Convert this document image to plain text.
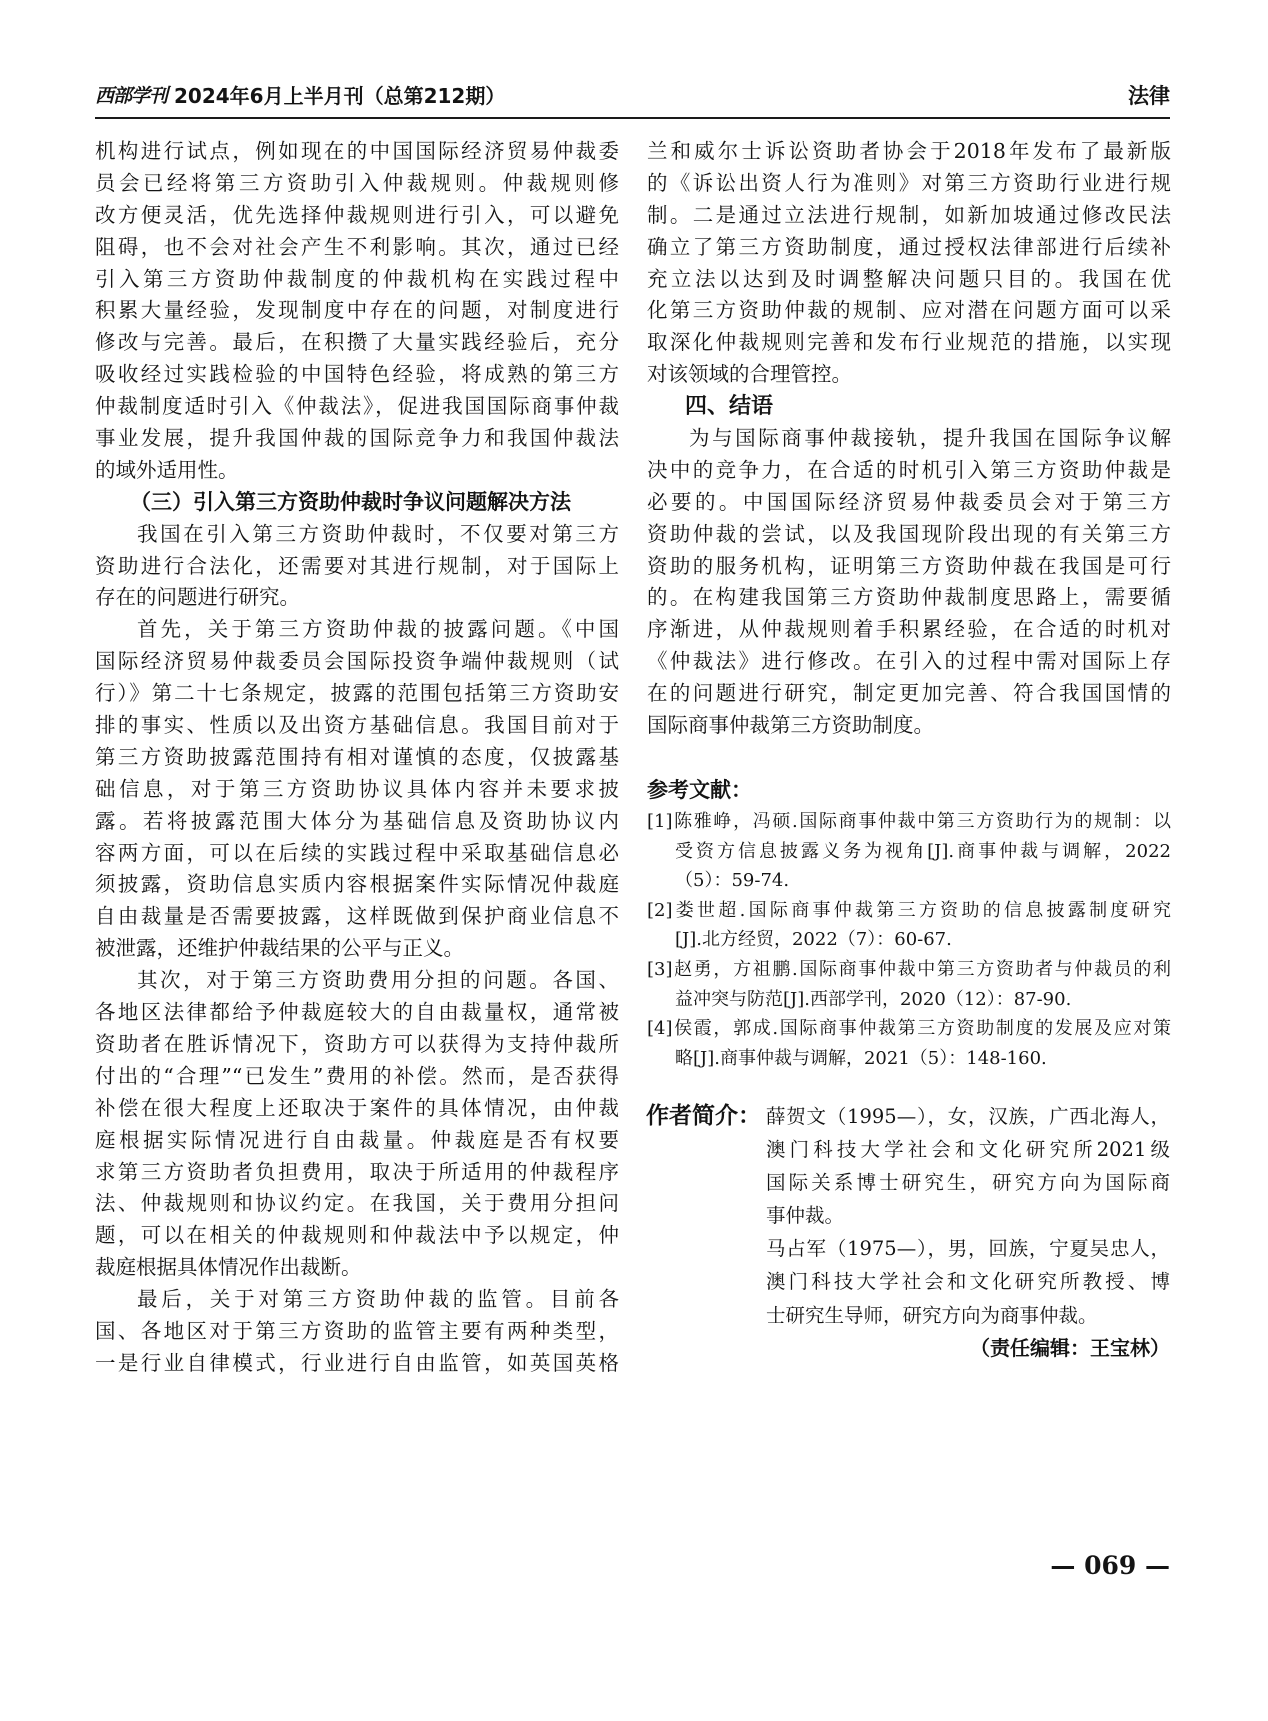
西部学刊 2024年6月上半月刊（总第212期）	法律
机构进行试点，例如现在的中国国际经济贸易仲裁委
员会已经将第三方资助引入仲裁规则。仲裁规则修
改方便灵活，优先选择仲裁规则进行引入，可以避免
阻碍，也不会对社会产生不利影响。其次，通过已经
引入第三方资助仲裁制度的仲裁机构在实践过程中
积累大量经验，发现制度中存在的问题，对制度进行
修改与完善。最后，在积攒了大量实践经验后，充分
吸收经过实践检验的中国特色经验，将成熟的第三方
仲裁制度适时引入《仲裁法》，促进我国国际商事仲裁
事业发展，提升我国仲裁的国际竞争力和我国仲裁法
的域外适用性。
（三）引入第三方资助仲裁时争议问题解决方法
我国在引入第三方资助仲裁时，不仅要对第三方
资助进行合法化，还需要对其进行规制，对于国际上
存在的问题进行研究。
首先，关于第三方资助仲裁的披露问题。《中国
国际经济贸易仲裁委员会国际投资争端仲裁规则（试
行）》第二十七条规定，披露的范围包括第三方资助安
排的事实、性质以及出资方基础信息。我国目前对于
第三方资助披露范围持有相对谨慎的态度，仅披露基
础信息，对于第三方资助协议具体内容并未要求披
露。若将披露范围大体分为基础信息及资助协议内
容两方面，可以在后续的实践过程中采取基础信息必
须披露，资助信息实质内容根据案件实际情况仲裁庭
自由裁量是否需要披露，这样既做到保护商业信息不
被泄露，还维护仲裁结果的公平与正义。
其次，对于第三方资助费用分担的问题。各国、
各地区法律都给予仲裁庭较大的自由裁量权，通常被
资助者在胜诉情况下，资助方可以获得为支持仲裁所
付出的“合理”“已发生”费用的补偿。然而，是否获得
补偿在很大程度上还取决于案件的具体情况，由仲裁
庭根据实际情况进行自由裁量。仲裁庭是否有权要
求第三方资助者负担费用，取决于所适用的仲裁程序
法、仲裁规则和协议约定。在我国，关于费用分担问
题，可以在相关的仲裁规则和仲裁法中予以规定，仲
裁庭根据具体情况作出裁断。
最后，关于对第三方资助仲裁的监管。目前各
国、各地区对于第三方资助的监管主要有两种类型，
一是行业自律模式，行业进行自由监管，如英国英格
兰和威尔士诉讼资助者协会于2018年发布了最新版
的《诉讼出资人行为准则》对第三方资助行业进行规
制。二是通过立法进行规制，如新加坡通过修改民法
确立了第三方资助制度，通过授权法律部进行后续补
充立法以达到及时调整解决问题只目的。我国在优
化第三方资助仲裁的规制、应对潜在问题方面可以采
取深化仲裁规则完善和发布行业规范的措施，以实现
对该领域的合理管控。
四、结语
为与国际商事仲裁接轨，提升我国在国际争议解
决中的竞争力，在合适的时机引入第三方资助仲裁是
必要的。中国国际经济贸易仲裁委员会对于第三方
资助仲裁的尝试，以及我国现阶段出现的有关第三方
资助的服务机构，证明第三方资助仲裁在我国是可行
的。在构建我国第三方资助仲裁制度思路上，需要循
序渐进，从仲裁规则着手积累经验，在合适的时机对
《仲裁法》进行修改。在引入的过程中需对国际上存
在的问题进行研究，制定更加完善、符合我国国情的
国际商事仲裁第三方资助制度。
参考文献：
[1]陈雅峥，冯硕.国际商事仲裁中第三方资助行为的规制：以
受资方信息披露义务为视角[J].商事仲裁与调解，2022
（5）：59-74.
[2]娄世超.国际商事仲裁第三方资助的信息披露制度研究
[J].北方经贸，2022（7）：60-67.
[3]赵勇，方祖鹏.国际商事仲裁中第三方资助者与仲裁员的利
益冲突与防范[J].西部学刊，2020（12）：87-90.
[4]侯霞，郭成.国际商事仲裁第三方资助制度的发展及应对策
略[J].商事仲裁与调解，2021（5）：148-160.
作者简介： 薛贺文（1995—），女，汉族，广西北海人，
澳门科技大学社会和文化研究所2021级
国际关系博士研究生，研究方向为国际商
事仲裁。
马占军（1975—），男，回族，宁夏吴忠人，
澳门科技大学社会和文化研究所教授、博
士研究生导师，研究方向为商事仲裁。
（责任编辑：王宝林）
— 069 —
